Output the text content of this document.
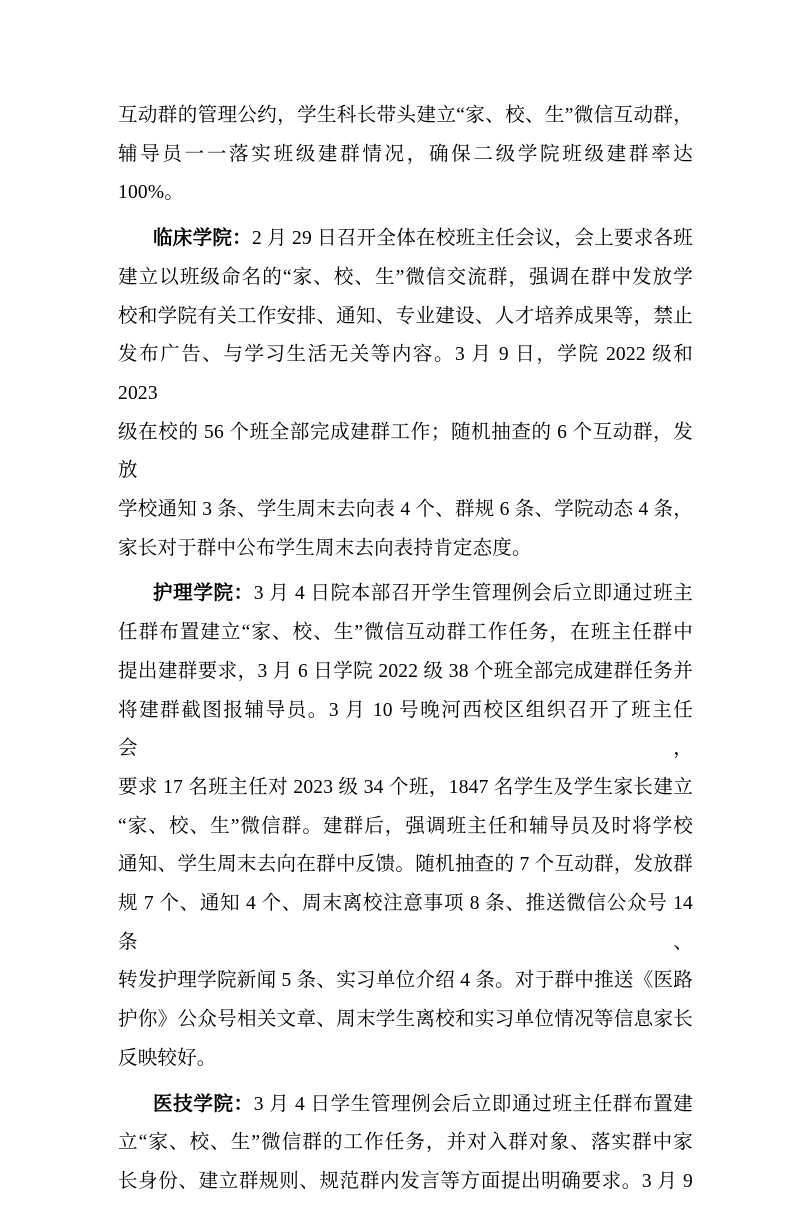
互动群的管理公约，学生科长带头建立“家、校、生”微信互动群，
辅导员一一落实班级建群情况，确保二级学院班级建群率达 100%。
临床学院：2 月 29 日召开全体在校班主任会议，会上要求各班
建立以班级命名的“家、校、生”微信交流群，强调在群中发放学
校和学院有关工作安排、通知、专业建设、人才培养成果等，禁止
发布广告、与学习生活无关等内容。3 月 9 日，学院 2022 级和 2023
级在校的 56 个班全部完成建群工作；随机抽查的 6 个互动群，发放
学校通知 3 条、学生周末去向表 4 个、群规 6 条、学院动态 4 条，
家长对于群中公布学生周末去向表持肯定态度。
护理学院：3 月 4 日院本部召开学生管理例会后立即通过班主
任群布置建立“家、校、生”微信互动群工作任务，在班主任群中
提出建群要求，3 月 6 日学院 2022 级 38 个班全部完成建群任务并
将建群截图报辅导员。3 月 10 号晚河西校区组织召开了班主任会，
要求 17 名班主任对 2023 级 34 个班，1847 名学生及学生家长建立
“家、校、生”微信群。建群后，强调班主任和辅导员及时将学校
通知、学生周末去向在群中反馈。随机抽查的 7 个互动群，发放群
规 7 个、通知 4 个、周末离校注意事项 8 条、推送微信公众号 14 条、
转发护理学院新闻 5 条、实习单位介绍 4 条。对于群中推送《医路
护你》公众号相关文章、周末学生离校和实习单位情况等信息家长
反映较好。
医技学院：3 月 4 日学生管理例会后立即通过班主任群布置建
立“家、校、生”微信群的工作任务，并对入群对象、落实群中家
长身份、建立群规则、规范群内发言等方面提出明确要求。3 月 9
